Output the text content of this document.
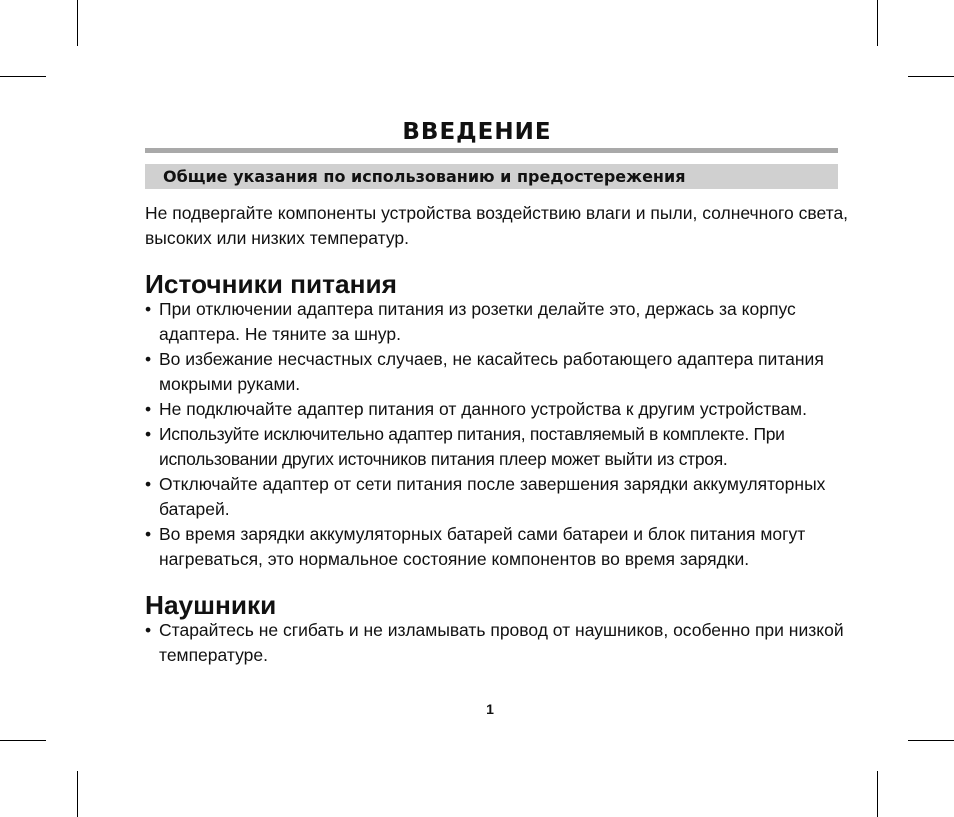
ВВЕДЕНИЕ
Общие указания по использованию и предостережения

Не подвергайте компоненты устройства воздействию влаги и пыли, солнечного света, высоких или низких температур.

Источники питания
• При отключении адаптера питания из розетки делайте это, держась за корпус адаптера. Не тяните за шнур.
• Во избежание несчастных случаев, не касайтесь работающего адаптера питания мокрыми руками.
• Не подключайте адаптер питания от данного устройства к другим устройствам.
• Используйте исключительно адаптер питания, поставляемый в комплекте. При использовании других источников питания плеер может выйти из строя.
• Отключайте адаптер от сети питания после завершения зарядки аккумуляторных батарей.
• Во время зарядки аккумуляторных батарей сами батареи и блок питания могут нагреваться, это нормальное состояние компонентов во время зарядки.
Наушники
• Старайтесь не сгибать и не изламывать провод от наушников, особенно при низкой температуре.
1
